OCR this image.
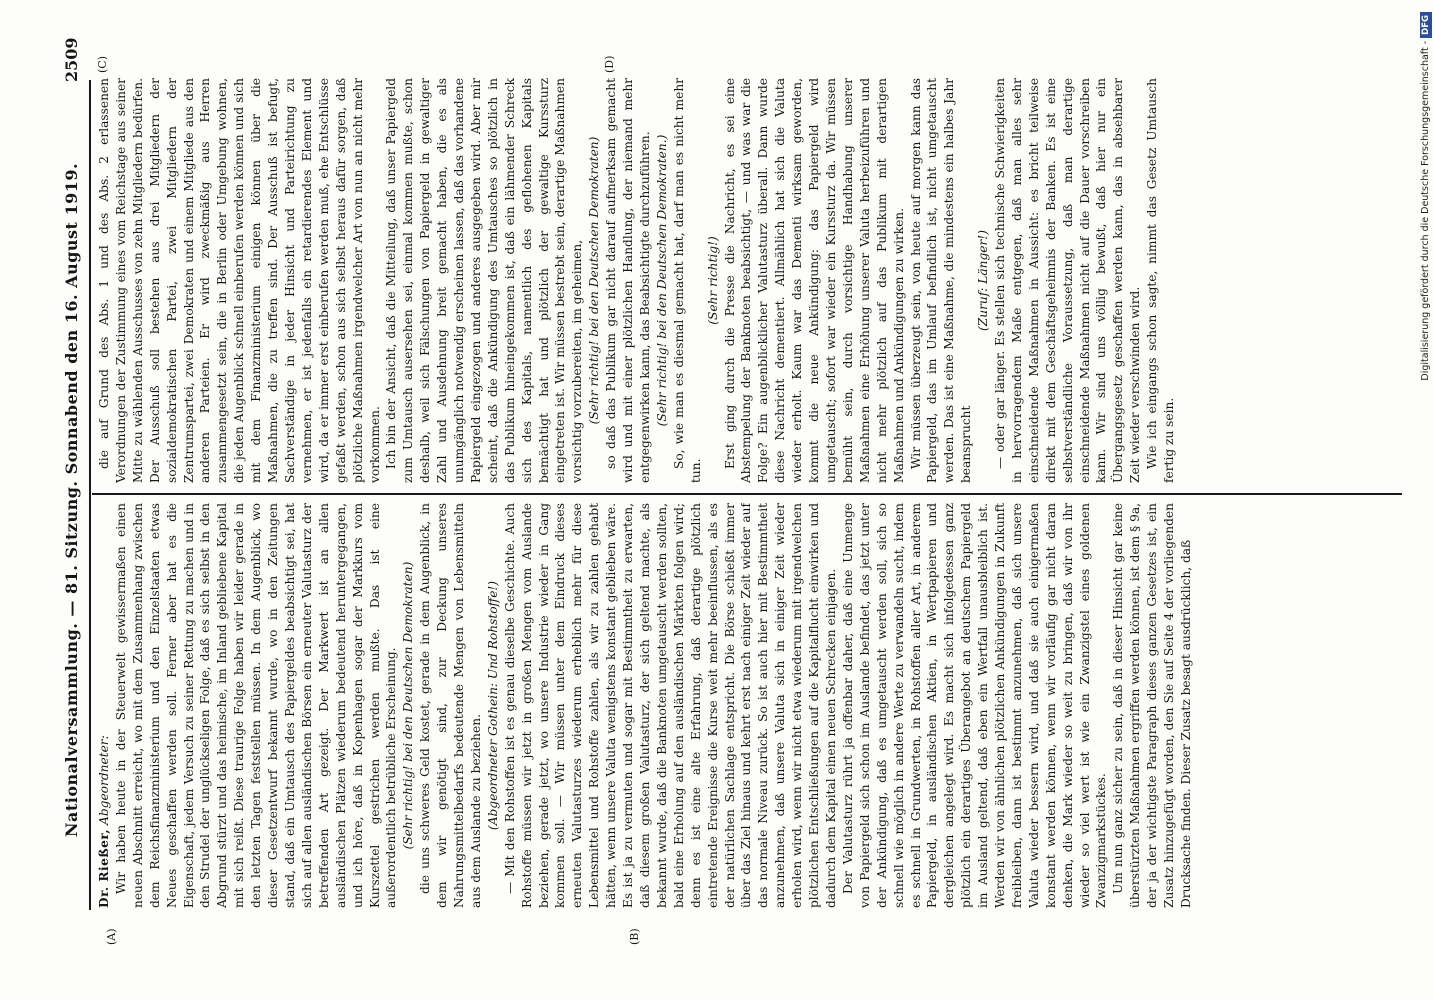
Nationalversammlung. — 81. Sitzung. Sonnabend den 16. August 1919.
2509
(A)	(B)
(C)	(D)

Dr. Rießer, Abgeordneter: Wir haben heute in der Steuerwelt gewissermaßen einen neuen Abschnitt erreicht, wo mit dem Zusammenhang zwischen dem Reichsfinanzministerium und den Einzelstaaten etwas Neues geschaffen werden soll. Ferner aber hat es die Eigenschaft, jedem Versuch zu seiner Rettung zu machen und in den Strudel der unglückseligen Folge, daß es sich selbst in den Abgrund stürzt und das heimische, im Inland gebliebene Kapital mit sich reißt. Diese traurige Folge haben wir leider gerade in den letzten Tagen feststellen müssen. In dem Augenblick, wo dieser Gesetzentwurf bekannt wurde, wo in den Zeitungen stand, daß ein Umtausch des Papiergeldes beabsichtigt sei, hat sich auf allen ausländischen Börsen ein erneuter Valutasturz der betreffenden Art gezeigt. Der Markwert ist an allen ausländischen Plätzen wiederum bedeutend heruntergegangen, und ich höre, daß in Kopenhagen sogar der Markkurs vom Kurszettel gestrichen werden mußte. Das ist eine außerordentlich betrübliche Erscheinung. (Sehr richtig! bei den Deutschen Demokraten) die uns schweres Geld kostet, gerade in dem Augenblick, in dem wir genötigt sind, zur Deckung unseres Nahrungsmittelbedarfs bedeutende Mengen von Lebensmitteln aus dem Auslande zu beziehen. (Abgeordneter Gothein: Und Rohstoffe!) — Mit den Rohstoffen ist es genau dieselbe Geschichte. Auch Rohstoffe müssen wir jetzt in großen Mengen vom Auslande beziehen, gerade jetzt, wo unsere Industrie wieder in Gang kommen soll. — Wir müssen unter dem Eindruck dieses erneuten Valutasturzes wiederum erheblich mehr für diese Lebensmittel und Rohstoffe zahlen, als wir zu zahlen gehabt hätten, wenn unsere Valuta wenigstens konstant geblieben wäre. Es ist ja zu vermuten und sogar mit Bestimmtheit zu erwarten, daß diesem großen Valutasturz, der sich geltend machte, als bekannt wurde, daß die Banknoten umgetauscht werden sollten, bald eine Erholung auf den ausländischen Märkten folgen wird; denn es ist eine alte Erfahrung, daß derartige plötzlich eintretende Ereignisse die Kurse weit mehr beeinflussen, als es der natürlichen Sachlage entspricht. Die Börse schießt immer über das Ziel hinaus und kehrt erst nach einiger Zeit wieder auf das normale Niveau zurück. So ist auch hier mit Bestimmtheit anzunehmen, daß unsere Valuta sich in einiger Zeit wieder erholen wird, wenn wir nicht etwa wiederum mit irgendwelchen plötzlichen Entschließungen auf die Kapitalflucht einwirken und dadurch dem Kapital einen neuen Schrecken einjagen. Der Valutasturz rührt ja offenbar daher, daß eine Unmenge von Papiergeld sich schon im Auslande befindet, das jetzt unter der Ankündigung, daß es umgetauscht werden soll, sich so schnell wie möglich in andere Werte zu verwandeln sucht, indem es schnell in Grundwerten, in Rohstoffen aller Art, in anderem Papiergeld, in ausländischen Aktien, in Wertpapieren und dergleichen angelegt wird. Es macht sich infolgedessen ganz plötzlich ein derartiges Überangebot an deutschem Papiergeld im Ausland geltend, daß eben ein Wertfall unausbleiblich ist. Werden wir von ähnlichen plötzlichen Ankündigungen in Zukunft freibleiben, dann ist bestimmt anzunehmen, daß sich unsere Valuta wieder bessern wird, und daß sie auch einigermaßen konstant werden können, wenn wir vorläufig gar nicht daran denken, die Mark wieder so weit zu bringen, daß wir von ihr wieder so viel wert ist wie ein Zwanzigstel eines goldenen Zwanzigmarkstückes. Um nun ganz sicher zu sein, daß in dieser Hinsicht gar keine überstürzten Maßnahmen ergriffen werden können, ist dem § 9a, der ja der wichtigste Paragraph dieses ganzen Gesetzes ist, ein Zusatz hinzugefügt worden, den Sie auf Seite 4 der vorliegenden Drucksache finden. Dieser Zusatz besagt ausdrücklich, daß

die auf Grund des Abs. 1 und des Abs. 2 erlassenen Verordnungen der Zustimmung eines vom Reichstage aus seiner Mitte zu wählenden Ausschusses von zehn Mitgliedern bedürfen. Der Ausschuß soll bestehen aus drei Mitgliedern der sozialdemokratischen Partei, zwei Mitgliedern der Zentrumspartei, zwei Demokraten und einem Mitgliede aus den anderen Parteien. Er wird zweckmäßig aus Herren zusammengesetzt sein, die in Berlin oder Umgebung wohnen, die jeden Augenblick schnell einberufen werden können und sich mit dem Finanzministerium einigen können über die Maßnahmen, die zu treffen sind. Der Ausschuß ist befugt, Sachverständige in jeder Hinsicht und Parteirichtung zu vernehmen, er ist jedenfalls ein retardierendes Element und wird, da er immer erst einberufen werden muß, ehe Entschlüsse gefaßt werden, schon aus sich selbst heraus dafür sorgen, daß plötzliche Maßnahmen irgendwelcher Art von nun an nicht mehr vorkommen. Ich bin der Ansicht, daß die Mitteilung, daß unser Papiergeld zum Umtausch ausersehen sei, einmal kommen mußte, schon deshalb, weil sich Fälschungen von Papiergeld in gewaltiger Zahl und Ausdehnung breit gemacht haben, die es als unumgänglich notwendig erscheinen lassen, daß das vorhandene Papiergeld eingezogen und anderes ausgegeben wird. Aber mir scheint, daß die Ankündigung des Umtausches so plötzlich in das Publikum hineingekommen ist, daß ein lähmender Schreck sich des Kapitals, namentlich des geflohenen Kapitals bemächtigt hat und plötzlich der gewaltige Kurssturz eingetreten ist. Wir müssen bestrebt sein, derartige Maßnahmen vorsichtig vorzubereiten, im geheimen, (Sehr richtig! bei den Deutschen Demokraten) so daß das Publikum gar nicht darauf aufmerksam gemacht wird und mit einer plötzlichen Handlung, der niemand mehr entgegenwirken kann, das Beabsichtigte durchzuführen. (Sehr richtig! bei den Deutschen Demokraten.) So, wie man es diesmal gemacht hat, darf man es nicht mehr tun.

(Sehr richtig!) Erst ging durch die Presse die Nachricht, es sei eine Abstempelung der Banknoten beabsichtigt, — und was war die Folge? Ein augenblicklicher Valutasturz überall. Dann wurde diese Nachricht dementiert. Allmählich hat sich die Valuta wieder erholt. Kaum war das Dementi wirksam geworden, kommt die neue Ankündigung: das Papiergeld wird umgetauscht; sofort war wieder ein Kurssturz da. Wir müssen bemüht sein, durch vorsichtige Handhabung unserer Maßnahmen eine Erhöhung unserer Valuta herbeizuführen und nicht mehr plötzlich auf das Publikum mit derartigen Maßnahmen und Ankündigungen zu wirken. Wir müssen überzeugt sein, von heute auf morgen kann das Papiergeld, das im Umlauf befindlich ist, nicht umgetauscht werden. Das ist eine Maßnahme, die mindestens ein halbes Jahr beansprucht

(Zuruf: Länger!) — oder gar länger. Es stellen sich technische Schwierigkeiten in hervorragendem Maße entgegen, daß man alles sehr einschneidende Maßnahmen in Aussicht: es bricht teilweise direkt mit dem Geschäftsgeheimnis der Banken. Es ist eine selbstverständliche Voraussetzung, daß man derartige einschneidende Maßnahmen nicht auf die Dauer vorschreiben kann. Wir sind uns völlig bewußt, daß hier nur ein Übergangsgesetz geschaffen werden kann, das in absehbarer Zeit wieder verschwinden wird. Wie ich eingangs schon sagte, nimmt das Gesetz Umtausch fertig zu sein.

Digitalisierung gefördert durch die Deutsche Forschungsgemeinschaft -DFG
